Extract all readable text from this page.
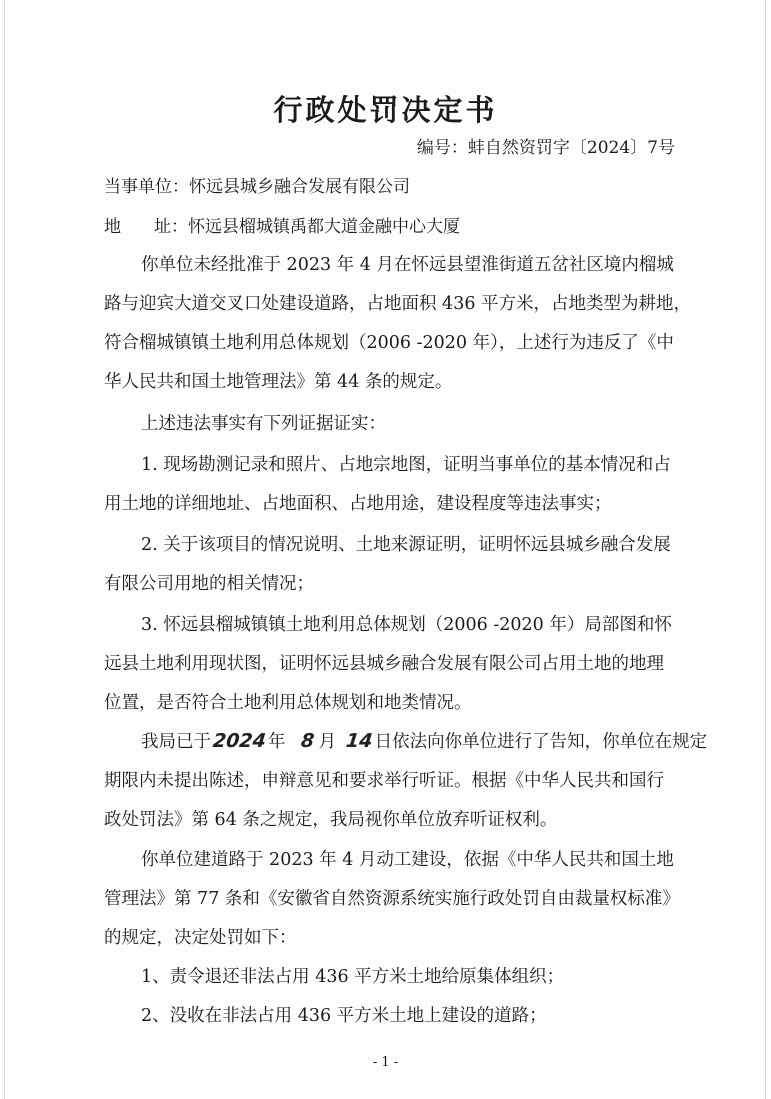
行政处罚决定书
编号：蚌自然资罚字〔2024〕7号
当事单位：怀远县城乡融合发展有限公司
地址：怀远县榴城镇禹都大道金融中心大厦
你单位未经批准于 2023 年 4 月在怀远县望淮街道五岔社区境内榴城
路与迎宾大道交叉口处建设道路，占地面积 436 平方米，占地类型为耕地，
符合榴城镇镇土地利用总体规划（2006 -2020 年），上述行为违反了《中
华人民共和国土地管理法》第 44 条的规定。
上述违法事实有下列证据证实：
1. 现场勘测记录和照片、占地宗地图，证明当事单位的基本情况和占
用土地的详细地址、占地面积、占地用途，建设程度等违法事实；
2. 关于该项目的情况说明、土地来源证明，证明怀远县城乡融合发展
有限公司用地的相关情况；
3. 怀远县榴城镇镇土地利用总体规划（2006 -2020 年）局部图和怀
远县土地利用现状图，证明怀远县城乡融合发展有限公司占用土地的地理
位置，是否符合土地利用总体规划和地类情况。
我局已于2024年 8 月 14日依法向你单位进行了告知，你单位在规定
期限内未提出陈述，申辩意见和要求举行听证。根据《中华人民共和国行
政处罚法》第 64 条之规定，我局视你单位放弃听证权利。
你单位建道路于 2023 年 4 月动工建设，依据《中华人民共和国土地
管理法》第 77 条和《安徽省自然资源系统实施行政处罚自由裁量权标准》
的规定，决定处罚如下：
1、责令退还非法占用 436 平方米土地给原集体组织；
2、没收在非法占用 436 平方米土地上建设的道路；
- 1 -
